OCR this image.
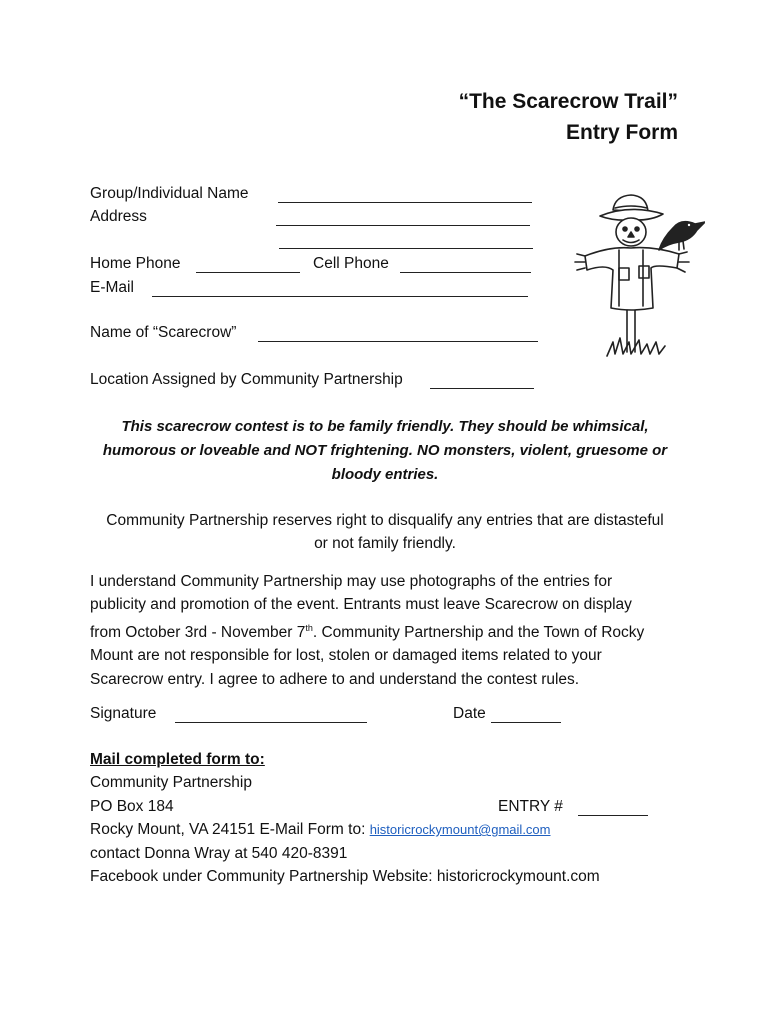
“The Scarecrow Trail”
Entry Form
Group/Individual Name
Address
Home Phone	Cell Phone
E-Mail
Name of “Scarecrow”
Location Assigned by Community Partnership
This scarecrow contest is to be family friendly. They should be whimsical,
humorous or loveable and NOT frightening. NO monsters, violent, gruesome or
bloody entries.
Community Partnership reserves right to disqualify any entries that are distasteful
or not family friendly.
I understand Community Partnership may use photographs of the entries for
publicity and promotion of the event. Entrants must leave Scarecrow on display
from October 3rd - November 7th. Community Partnership and the Town of Rocky
Mount are not responsible for lost, stolen or damaged items related to your
Scarecrow entry. I agree to adhere to and understand the contest rules.
Signature	Date
Mail completed form to:
Community Partnership
PO Box 184	ENTRY #
Rocky Mount, VA 24151 E-Mail Form to: historicrockymount@gmail.com
contact Donna Wray at 540 420-8391
Facebook under Community Partnership Website: historicrockymount.com
